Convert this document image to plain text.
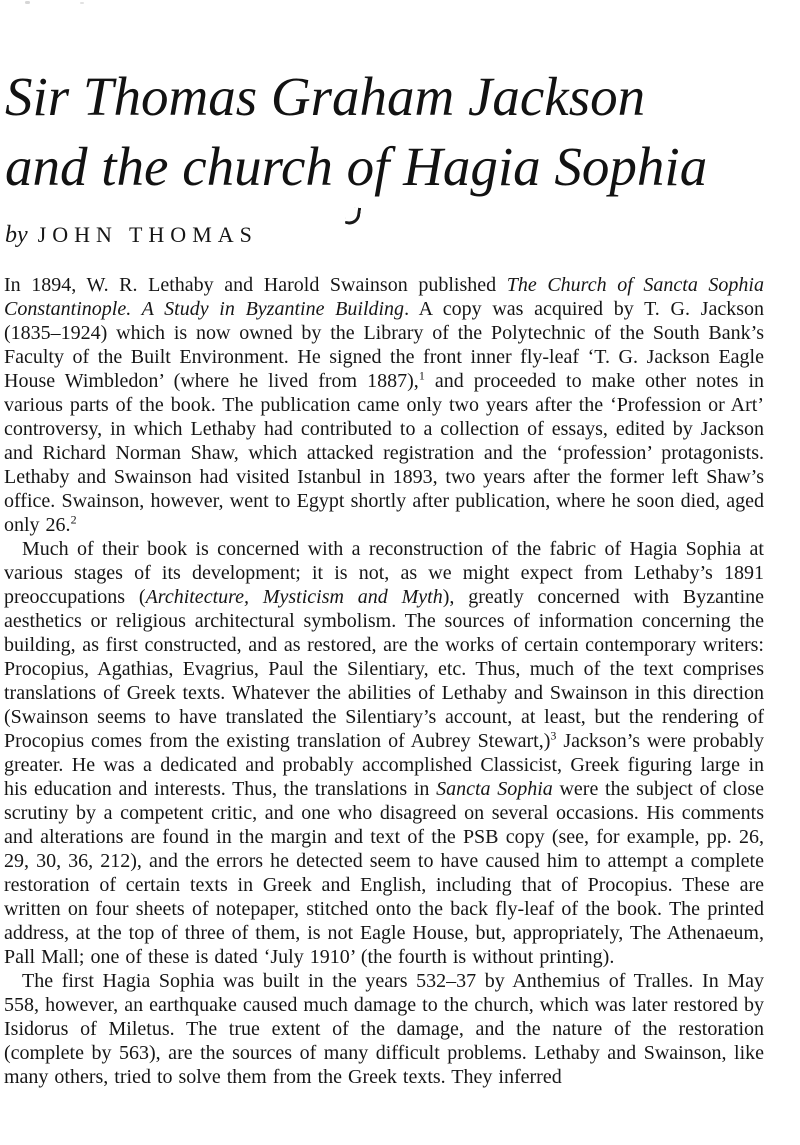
Sir Thomas Graham Jackson
and the church of Hagia Sophia
by JOHN THOMAS

In 1894, W. R. Lethaby and Harold Swainson published The Church of Sancta Sophia Constantinople. A Study in Byzantine Building. A copy was acquired by T. G. Jackson (1835–1924) which is now owned by the Library of the Polytechnic of the South Bank’s Faculty of the Built Environment. He signed the front inner fly-leaf ‘T. G. Jackson Eagle House Wimbledon’ (where he lived from 1887),$^1$ and proceeded to make other notes in various parts of the book. The publication came only two years after the ‘Profession or Art’ controversy, in which Lethaby had contributed to a collection of essays, edited by Jackson and Richard Norman Shaw, which attacked registration and the ‘profession’ protagonists. Lethaby and Swainson had visited Istanbul in 1893, two years after the former left Shaw’s office. Swainson, however, went to Egypt shortly after publication, where he soon died, aged only 26.$^2$

Much of their book is concerned with a reconstruction of the fabric of Hagia Sophia at various stages of its development; it is not, as we might expect from Lethaby’s 1891 preoccupations (Architecture, Mysticism and Myth), greatly concerned with Byzantine aesthetics or religious architectural symbolism. The sources of information concerning the building, as first constructed, and as restored, are the works of certain contemporary writers: Procopius, Agathias, Evagrius, Paul the Silentiary, etc. Thus, much of the text comprises translations of Greek texts. Whatever the abilities of Lethaby and Swainson in this direction (Swainson seems to have translated the Silentiary’s account, at least, but the rendering of Procopius comes from the existing translation of Aubrey Stewart,)$^3$ Jackson’s were probably greater. He was a dedicated and probably accomplished Classicist, Greek figuring large in his education and interests. Thus, the translations in Sancta Sophia were the subject of close scrutiny by a competent critic, and one who disagreed on several occasions. His comments and alterations are found in the margin and text of the PSB copy (see, for example, pp. 26, 29, 30, 36, 212), and the errors he detected seem to have caused him to attempt a complete restoration of certain texts in Greek and English, including that of Procopius. These are written on four sheets of notepaper, stitched onto the back fly-leaf of the book. The printed address, at the top of three of them, is not Eagle House, but, appropriately, The Athenaeum, Pall Mall; one of these is dated ‘July 1910’ (the fourth is without printing).

The first Hagia Sophia was built in the years 532–37 by Anthemius of Tralles. In May 558, however, an earthquake caused much damage to the church, which was later restored by Isidorus of Miletus. The true extent of the damage, and the nature of the restoration (complete by 563), are the sources of many difficult problems. Lethaby and Swainson, like many others, tried to solve them from the Greek texts. They inferred
